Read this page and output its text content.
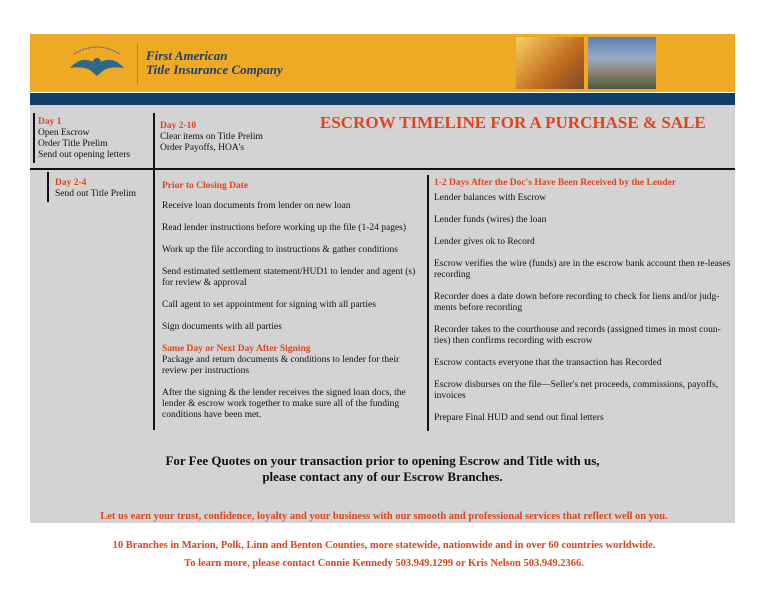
First American
Title Insurance Company
Day 1
Open Escrow
Order Title Prelim
Send out opening letters
Day 2-10
Clear items on Title Prelim
Order Payoffs, HOA's
ESCROW TIMELINE FOR A PURCHASE & SALE
Day 2-4
Send out Title Prelim
Prior to Closing Date
Receive loan documents from lender on new loan
Read lender instructions before working up the file (1-24 pages)
Work up the file according to instructions & gather conditions
Send estimated settlement statement/HUD1 to lender and agent (s) for review & approval
Call agent to set appointment for signing with all parties
Sign documents with all parties
Same Day or Next Day After Signing
Package and return documents & conditions to lender for their review per instructions
After the signing & the lender receives the signed loan docs, the lender & escrow work together to make sure all of the funding conditions have been met.
1-2 Days After the Doc's Have Been Received by the Lender
Lender balances with Escrow
Lender funds (wires) the loan
Lender gives ok to Record
Escrow verifies the wire (funds) are in the escrow bank account then re-leases recording
Recorder does a date down before recording to check for liens and/or judg-ments before recording
Recorder takes to the courthouse and records (assigned times in most coun-ties) then confirms recording with escrow
Escrow contacts everyone that the transaction has Recorded
Escrow disburses on the file—Seller's net proceeds, commissions, payoffs, invoices
Prepare Final HUD and send out final letters
For Fee Quotes on your transaction prior to opening Escrow and Title with us,
please contact any of our Escrow Branches.
Let us earn your trust, confidence, loyalty and your business with our smooth and professional services that reflect well on you.
10 Branches in Marion, Polk, Linn and Benton Counties, more statewide, nationwide and in over 60 countries worldwide.
To learn more, please contact Connie Kennedy 503.949.1299 or Kris Nelson 503.949.2366.
